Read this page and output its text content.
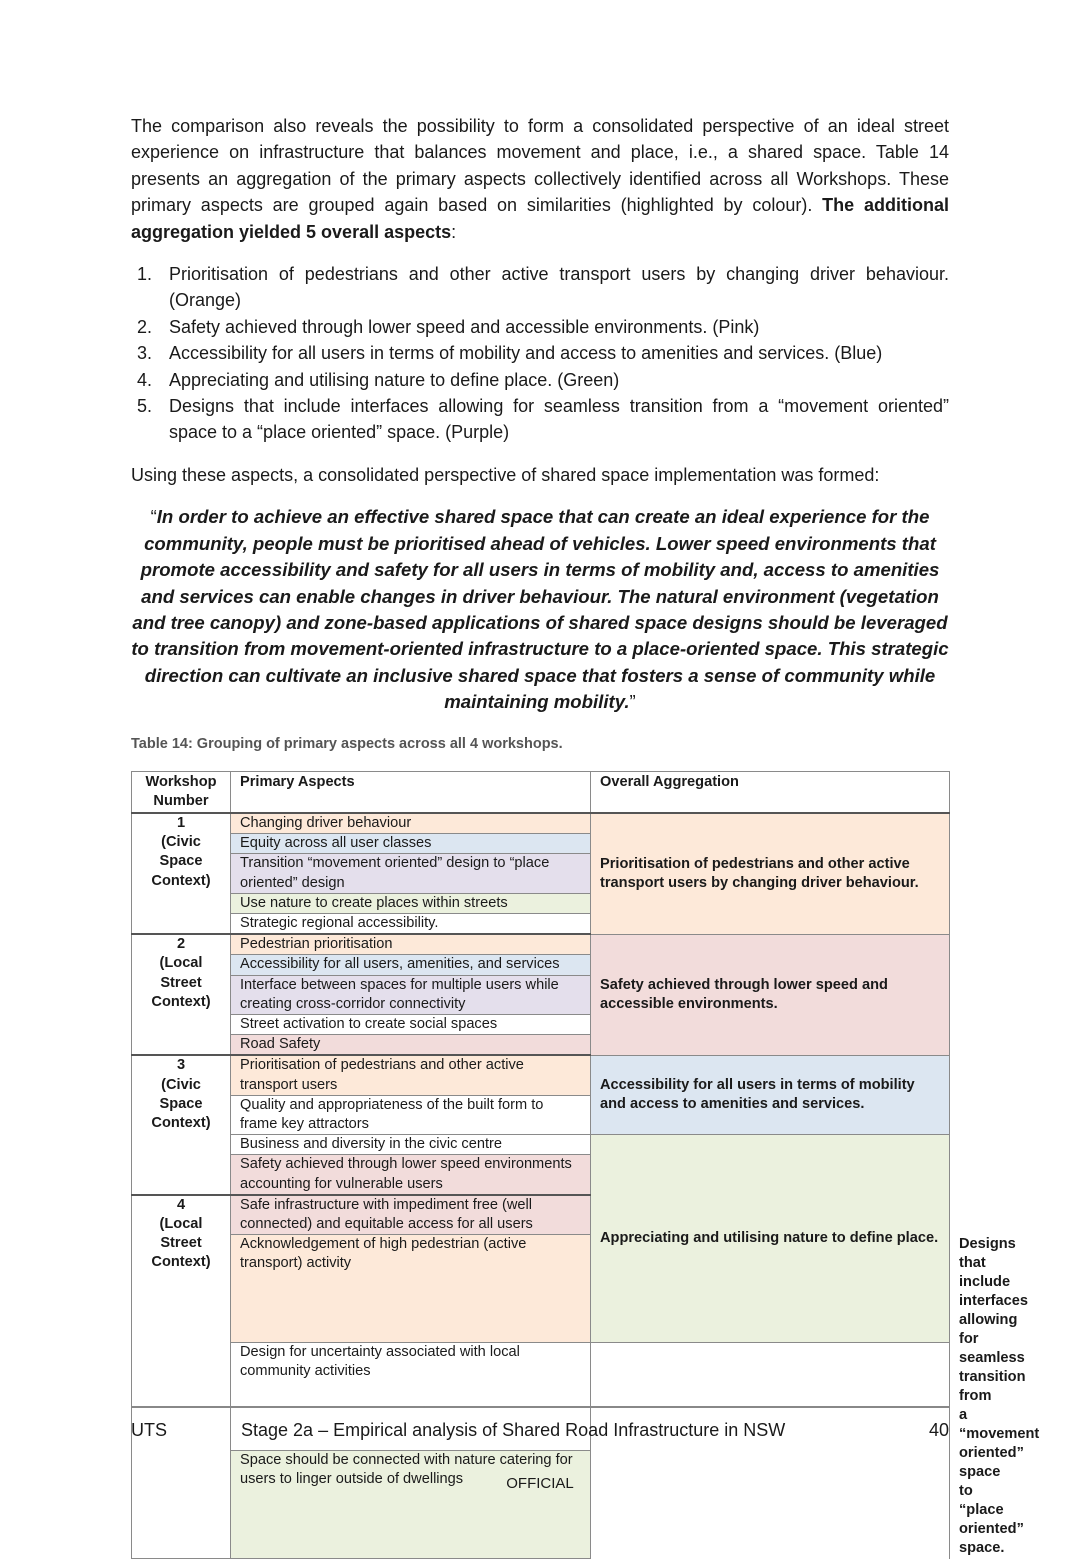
The comparison also reveals the possibility to form a consolidated perspective of an ideal street experience on infrastructure that balances movement and place, i.e., a shared space. Table 14 presents an aggregation of the primary aspects collectively identified across all Workshops. These primary aspects are grouped again based on similarities (highlighted by colour). The additional aggregation yielded 5 overall aspects:

1. Prioritisation of pedestrians and other active transport users by changing driver behaviour. (Orange)
2. Safety achieved through lower speed and accessible environments. (Pink)
3. Accessibility for all users in terms of mobility and access to amenities and services. (Blue)
4. Appreciating and utilising nature to define place. (Green)
5. Designs that include interfaces allowing for seamless transition from a “movement oriented” space to a “place oriented” space. (Purple)

Using these aspects, a consolidated perspective of shared space implementation was formed:

“In order to achieve an effective shared space that can create an ideal experience for the community, people must be prioritised ahead of vehicles. Lower speed environments that promote accessibility and safety for all users in terms of mobility and, access to amenities and services can enable changes in driver behaviour. The natural environment (vegetation and tree canopy) and zone-based applications of shared space designs should be leveraged to transition from movement-oriented infrastructure to a place-oriented space. This strategic direction can cultivate an inclusive shared space that fosters a sense of community while maintaining mobility.”

Table 14: Grouping of primary aspects across all 4 workshops.
Workshop Number	Primary Aspects	Overall Aggregation	

1
(Civic
Space
Context)	Changing driver behaviour	Prioritisation of pedestrians and other active transport users by changing driver behaviour.	
	Equity across all user classes		
	Transition “movement oriented” design to “place oriented” design		
	Use nature to create places within streets		
	Strategic regional accessibility.		

2
(Local
Street
Context)	Pedestrian prioritisation	Safety achieved through lower speed and accessible environments.	
	Accessibility for all users, amenities, and services		
	Interface between spaces for multiple users while creating cross-corridor connectivity		
	Street activation to create social spaces		
	Road Safety		

3
(Civic
Space
Context)	Prioritisation of pedestrians and other active transport users	Accessibility for all users in terms of mobility and access to amenities and services.	
	Quality and appropriateness of the built form to frame key attractors		
	Business and diversity in the civic centre	Appreciating and utilising nature to define place.	
	Safety achieved through lower speed environments accounting for vulnerable users		

4
(Local
Street
Context)	Safe infrastructure with impediment free (well connected) and equitable access for all users		
	Acknowledgement of high pedestrian (active transport) activity		Designs that include interfaces allowing for seamless transition from a “movement oriented” space to “place oriented” space.
	Design for uncertainty associated with local community activities		
	Space should be connected with nature catering for users to linger outside of dwellings		
UTS	Stage 2a – Empirical analysis of Shared Road Infrastructure in NSW	40
OFFICIAL
